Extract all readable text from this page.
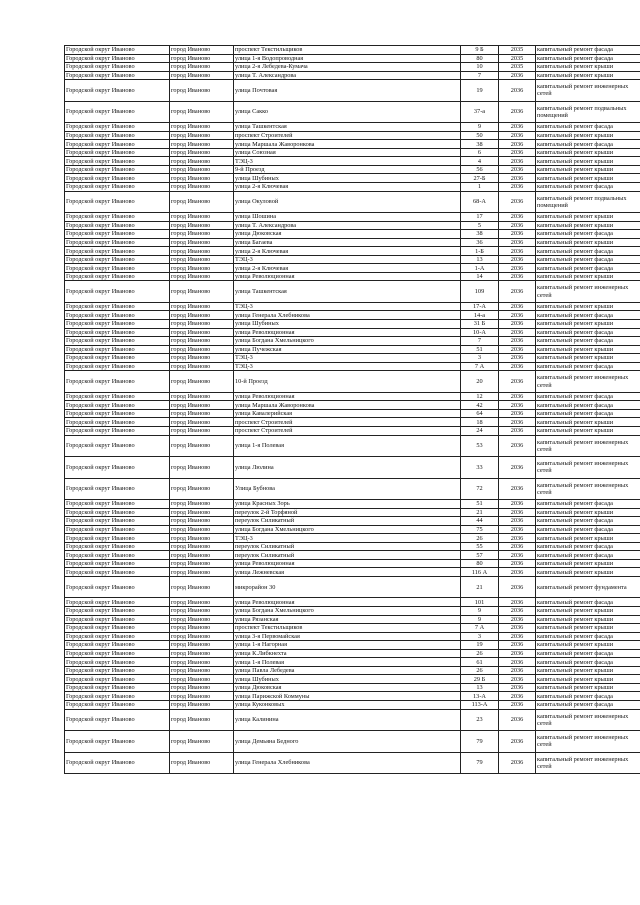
Городской округ Иваново	город Иваново	проспект Текстильщиков	9 Б	2035	капитальный ремонт фасада
Городской округ Иваново	город Иваново	улица 1-я Водопроводная	80	2035	капитальный ремонт фасада
Городской округ Иваново	город Иваново	улица 2-я Лебедева-Кумача	10	2035	капитальный ремонт крыши
Городской округ Иваново	город Иваново	улица Т. Александрова	7	2036	капитальный ремонт крыши
Городской округ Иваново	город Иваново	улица Почтовая	19	2036	капитальный ремонт инженерных сетей
Городской округ Иваново	город Иваново	улица Сакко	37-а	2036	капитальный ремонт подвальных помещений
Городской округ Иваново	город Иваново	улица Ташкентская	9	2036	капитальный ремонт фасада
Городской округ Иваново	город Иваново	проспект Строителей	50	2036	капитальный ремонт крыши
Городской округ Иваново	город Иваново	улица Маршала Жаворонкова	38	2036	капитальный ремонт фасада
Городской округ Иваново	город Иваново	улица Союзная	6	2036	капитальный ремонт крыши
Городской округ Иваново	город Иваново	ТЭЦ-3	4	2036	капитальный ремонт крыши
Городской округ Иваново	город Иваново	9-й Проезд	56	2036	капитальный ремонт крыши
Городской округ Иваново	город Иваново	улица Шубиных	27-Б	2036	капитальный ремонт крыши
Городской округ Иваново	город Иваново	улица 2-я Ключевая	1	2036	капитальный ремонт фасада
Городской округ Иваново	город Иваново	улица Окуловой	68-А	2036	капитальный ремонт подвальных помещений
Городской округ Иваново	город Иваново	улица Шошина	17	2036	капитальный ремонт крыши
Городской округ Иваново	город Иваново	улица Т. Александрова	5	2036	капитальный ремонт крыши
Городской округ Иваново	город Иваново	улица Дюковская	38	2036	капитальный ремонт фасада
Городской округ Иваново	город Иваново	улица Багаева	36	2036	капитальный ремонт крыши
Городской округ Иваново	город Иваново	улица 2-я Ключевая	1-Б	2036	капитальный ремонт фасада
Городской округ Иваново	город Иваново	ТЭЦ-3	13	2036	капитальный ремонт фасада
Городской округ Иваново	город Иваново	улица 2-я Ключевая	1-А	2036	капитальный ремонт фасада
Городской округ Иваново	город Иваново	улица Революционная	14	2036	капитальный ремонт крыши
Городской округ Иваново	город Иваново	улица Ташкентская	109	2036	капитальный ремонт инженерных сетей
Городской округ Иваново	город Иваново	ТЭЦ-3	17-А	2036	капитальный ремонт крыши
Городской округ Иваново	город Иваново	улица Генерала Хлебникова	14-а	2036	капитальный ремонт фасада
Городской округ Иваново	город Иваново	улица Шубиных	31 Б	2036	капитальный ремонт крыши
Городской округ Иваново	город Иваново	улица Революционная	10-А	2036	капитальный ремонт фасада
Городской округ Иваново	город Иваново	улица Богдана Хмельницкого	7	2036	капитальный ремонт фасада
Городской округ Иваново	город Иваново	улица Пучежская	51	2036	капитальный ремонт крыши
Городской округ Иваново	город Иваново	ТЭЦ-3	3	2036	капитальный ремонт крыши
Городской округ Иваново	город Иваново	ТЭЦ-3	7 А	2036	капитальный ремонт фасада
Городской округ Иваново	город Иваново	10-й Проезд	20	2036	капитальный ремонт инженерных сетей
Городской округ Иваново	город Иваново	улица Революционная	12	2036	капитальный ремонт фасада
Городской округ Иваново	город Иваново	улица Маршала Жаворонкова	42	2036	капитальный ремонт фасада
Городской округ Иваново	город Иваново	улица Кавалерийская	64	2036	капитальный ремонт фасада
Городской округ Иваново	город Иваново	проспект Строителей	18	2036	капитальный ремонт крыши
Городской округ Иваново	город Иваново	проспект Строителей	24	2036	капитальный ремонт крыши
Городской округ Иваново	город Иваново	улица 1-я Полевая	53	2036	капитальный ремонт инженерных сетей
Городской округ Иваново	город Иваново	улица Люлина	33	2036	капитальный ремонт инженерных сетей
Городской округ Иваново	город Иваново	Улица Бубнова	72	2036	капитальный ремонт инженерных сетей
Городской округ Иваново	город Иваново	улица Красных Зорь	51	2036	капитальный ремонт фасада
Городской округ Иваново	город Иваново	переулок 2-й Торфяной	21	2036	капитальный ремонт крыши
Городской округ Иваново	город Иваново	переулок Силикатный	44	2036	капитальный ремонт фасада
Городской округ Иваново	город Иваново	улица Богдана Хмельницкого	75	2036	капитальный ремонт фасада
Городской округ Иваново	город Иваново	ТЭЦ-3	26	2036	капитальный ремонт крыши
Городской округ Иваново	город Иваново	переулок Силикатный	55	2036	капитальный ремонт фасада
Городской округ Иваново	город Иваново	переулок Силикатный	57	2036	капитальный ремонт фасада
Городской округ Иваново	город Иваново	улица Революционная	80	2036	капитальный ремонт крыши
Городской округ Иваново	город Иваново	улица Лежневская	116 А	2036	капитальный ремонт крыши
Городской округ Иваново	город Иваново	микрорайон 30	21	2036	капитальный ремонт фундамента
Городской округ Иваново	город Иваново	улица Революционная	101	2036	капитальный ремонт фасада
Городской округ Иваново	город Иваново	улица Богдана Хмельницкого	9	2036	капитальный ремонт крыши
Городской округ Иваново	город Иваново	улица Рязанская	9	2036	капитальный ремонт крыши
Городской округ Иваново	город Иваново	проспект Текстильщиков	7 А	2036	капитальный ремонт крыши
Городской округ Иваново	город Иваново	улица 3-я Первомайская	3	2036	капитальный ремонт фасада
Городской округ Иваново	город Иваново	улица 1-я Нагорная	19	2036	капитальный ремонт крыши
Городской округ Иваново	город Иваново	улица К.Либкнехта	26	2036	капитальный ремонт фасада
Городской округ Иваново	город Иваново	улица 1-я Полевая	61	2036	капитальный ремонт фасада
Городской округ Иваново	город Иваново	улица Павла Лебедева	26	2036	капитальный ремонт крыши
Городской округ Иваново	город Иваново	улица Шубиных	29 Б	2036	капитальный ремонт крыши
Городской округ Иваново	город Иваново	улица Дюковская	13	2036	капитальный ремонт крыши
Городской округ Иваново	город Иваново	улица Парижской Коммуны	13-А	2036	капитальный ремонт фасада
Городской округ Иваново	город Иваново	улица Куконковых	113-А	2036	капитальный ремонт фасада
Городской округ Иваново	город Иваново	улица Калинина	23	2036	капитальный ремонт инженерных сетей
Городской округ Иваново	город Иваново	улица Демьяна Бедного	79	2036	капитальный ремонт инженерных сетей
Городской округ Иваново	город Иваново	улица Генерала Хлебникова	79	2036	капитальный ремонт инженерных сетей
